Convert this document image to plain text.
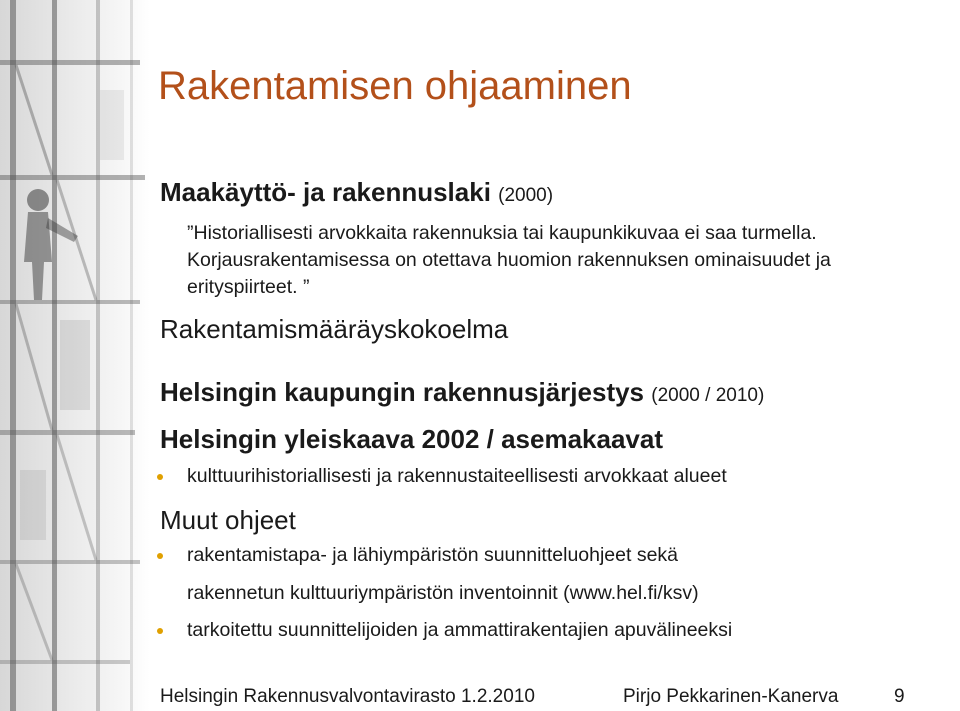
Rakentamisen ohjaaminen
Maakäyttö- ja rakennuslaki (2000)
”Historiallisesti arvokkaita rakennuksia tai kaupunkikuvaa ei saa turmella. Korjausrakentamisessa on otettava huomion rakennuksen ominaisuudet ja erityspiirteet. ”
Rakentamismääräyskokoelma
Helsingin kaupungin rakennusjärjestys (2000 / 2010)
Helsingin yleiskaava 2002 / asemakaavat
kulttuurihistoriallisesti ja rakennustaiteellisesti arvokkaat alueet
Muut ohjeet
rakentamistapa- ja lähiympäristön suunnitteluohjeet sekä
rakennetun kulttuuriympäristön inventoinnit (www.hel.fi/ksv)
tarkoitettu suunnittelijoiden ja ammattirakentajien apuvälineeksi
Helsingin Rakennusvalvontavirasto 1.2.2010	Pirjo Pekkarinen-Kanerva	9
